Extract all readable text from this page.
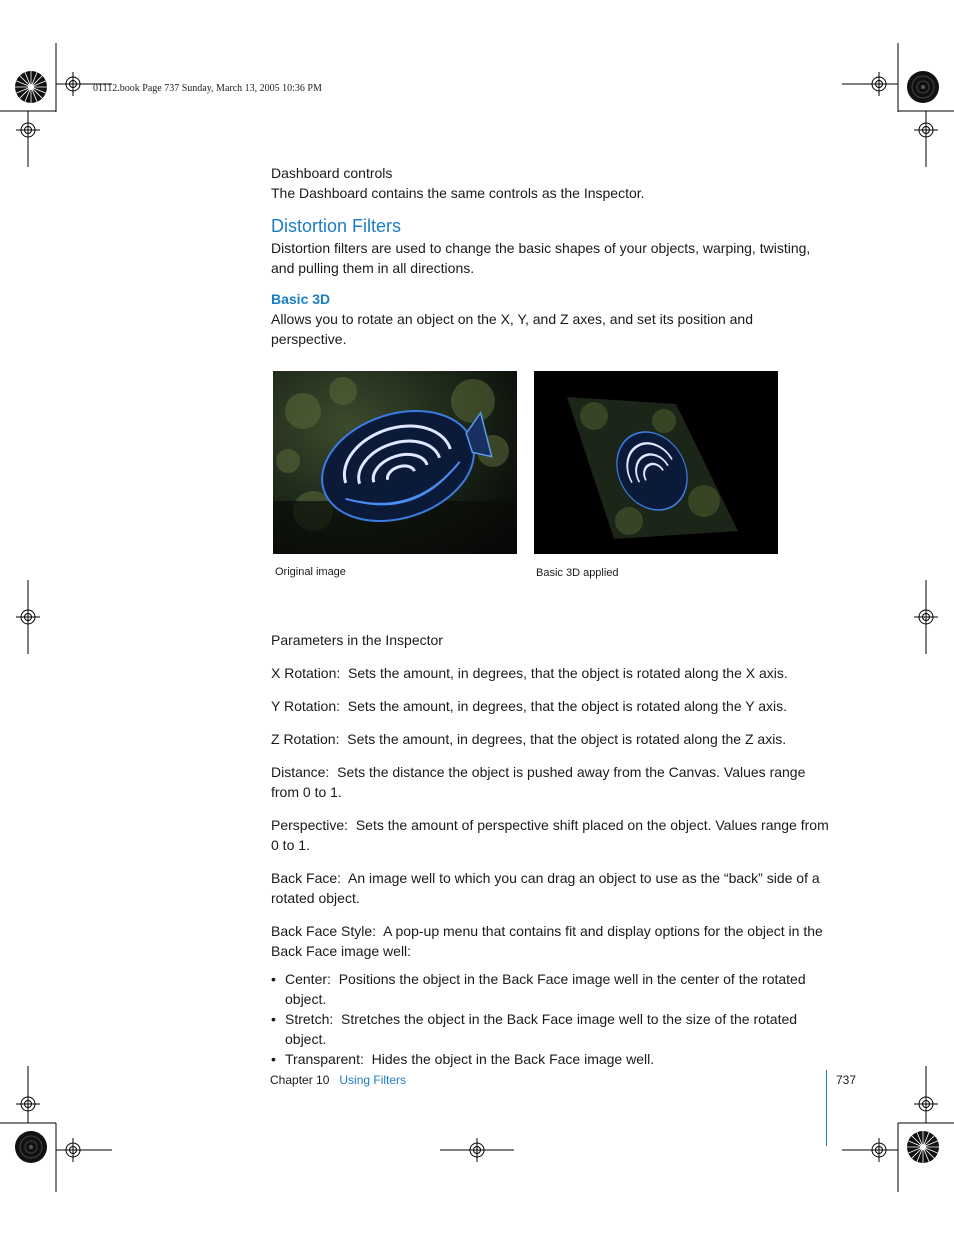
01112.book Page 737 Sunday, March 13, 2005 10:36 PM

Dashboard controls

The Dashboard contains the same controls as the Inspector.

Distortion Filters

Distortion filters are used to change the basic shapes of your objects, warping, twisting, and pulling them in all directions.

Basic 3D

Allows you to rotate an object on the X, Y, and Z axes, and set its position and perspective.

Original image	Basic 3D applied

Parameters in the Inspector

X Rotation:  Sets the amount, in degrees, that the object is rotated along the X axis.

Y Rotation:  Sets the amount, in degrees, that the object is rotated along the Y axis.

Z Rotation:  Sets the amount, in degrees, that the object is rotated along the Z axis.

Distance:  Sets the distance the object is pushed away from the Canvas. Values range from 0 to 1.

Perspective:  Sets the amount of perspective shift placed on the object. Values range from 0 to 1.

Back Face: An image well to which you can drag an object to use as the “back” side of a rotated object.

Back Face Style: A pop-up menu that contains fit and display options for the object in the Back Face image well:

• Center: Positions the object in the Back Face image well in the center of the rotated object.
• Stretch: Stretches the object in the Back Face image well to the size of the rotated object.
• Transparent: Hides the object in the Back Face image well.
Chapter 10 Using Filters	737
